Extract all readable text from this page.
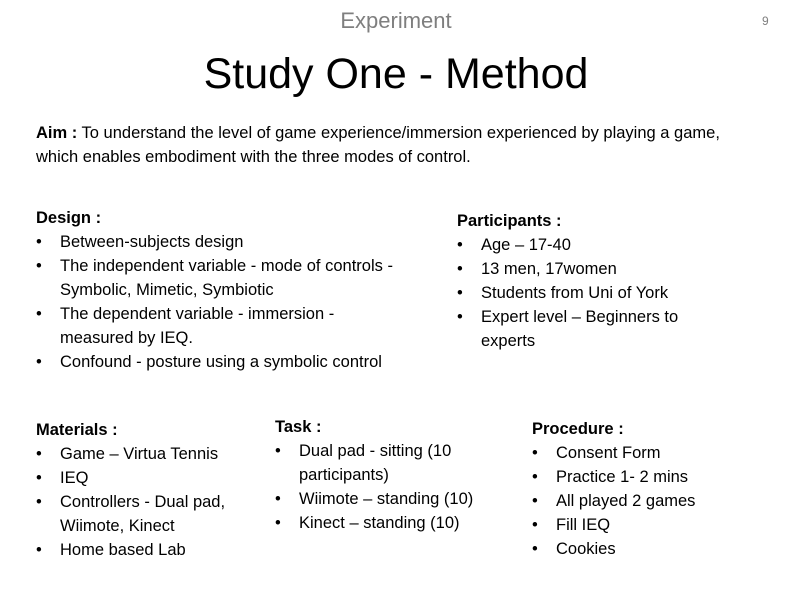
Experiment	9
Study One - Method
Aim : To understand the level of game experience/immersion experienced by playing a game, which enables embodiment with the three modes of control.
Design :
• Between-subjects design
• The independent variable - mode of controls - Symbolic, Mimetic, Symbiotic
• The dependent variable - immersion - measured by IEQ.
• Confound - posture using a symbolic control
Participants :
• Age – 17-40
• 13 men, 17women
• Students from Uni of York
• Expert level – Beginners to experts
Materials :
• Game – Virtua Tennis
• IEQ
• Controllers - Dual pad, Wiimote, Kinect
• Home based Lab
Task :
• Dual pad - sitting (10 participants)
• Wiimote – standing (10)
• Kinect – standing (10)
Procedure :
• Consent Form
• Practice 1- 2 mins
• All played 2 games
• Fill IEQ
• Cookies
